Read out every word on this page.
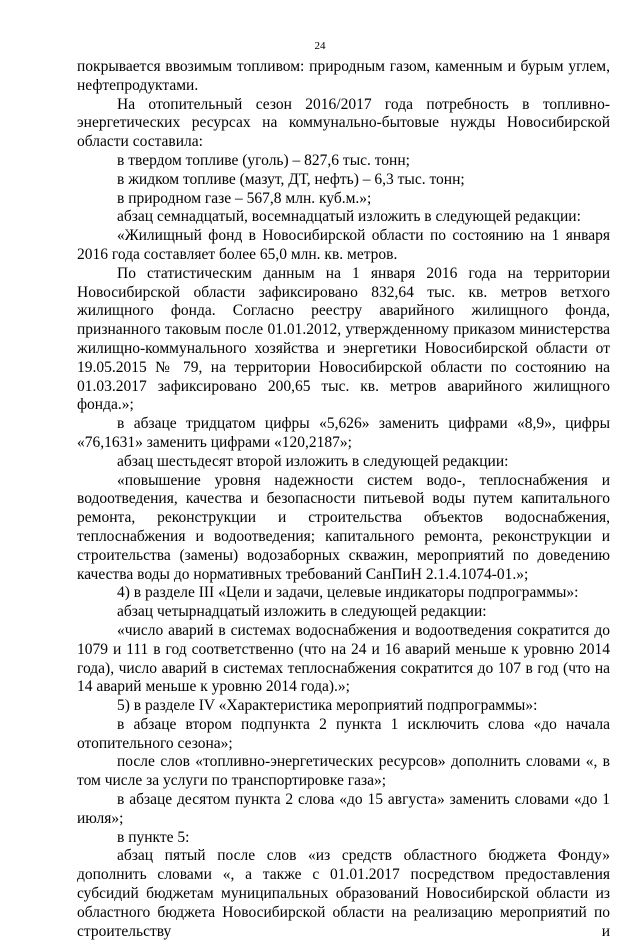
24

покрывается ввозимым топливом: природным газом, каменным и бурым углем, нефтепродуктами.

На отопительный сезон 2016/2017 года потребность в топливно-энергетических ресурсах на коммунально-бытовые нужды Новосибирской области составила:

в твердом топливе (уголь) – 827,6 тыс. тонн;

в жидком топливе (мазут, ДТ, нефть) – 6,3 тыс. тонн;

в природном газе – 567,8 млн. куб.м.»;

абзац семнадцатый, восемнадцатый изложить в следующей редакции:

«Жилищный фонд в Новосибирской области по состоянию на 1 января 2016 года составляет более 65,0 млн. кв. метров.

По статистическим данным на 1 января 2016 года на территории Новосибирской области зафиксировано 832,64 тыс. кв. метров ветхого жилищного фонда. Согласно реестру аварийного жилищного фонда, признанного таковым после 01.01.2012, утвержденному приказом министерства жилищно-коммунального хозяйства и энергетики Новосибирской области от 19.05.2015 № 79, на территории Новосибирской области по состоянию на 01.03.2017 зафиксировано 200,65 тыс. кв. метров аварийного жилищного фонда.»;

в абзаце тридцатом цифры «5,626» заменить цифрами «8,9», цифры «76,1631» заменить цифрами «120,2187»;

абзац шестьдесят второй изложить в следующей редакции:

«повышение уровня надежности систем водо-, теплоснабжения и водоотведения, качества и безопасности питьевой воды путем капитального ремонта, реконструкции и строительства объектов водоснабжения, теплоснабжения и водоотведения; капитального ремонта, реконструкции и строительства (замены) водозаборных скважин, мероприятий по доведению качества воды до нормативных требований СанПиН 2.1.4.1074-01.»;

4) в разделе III «Цели и задачи, целевые индикаторы подпрограммы»:

абзац четырнадцатый изложить в следующей редакции:

«число аварий в системах водоснабжения и водоотведения сократится до 1079 и 111 в год соответственно (что на 24 и 16 аварий меньше к уровню 2014 года), число аварий в системах теплоснабжения сократится до 107 в год (что на 14 аварий меньше к уровню 2014 года).»;

5) в разделе IV «Характеристика мероприятий подпрограммы»:

в абзаце втором подпункта 2 пункта 1 исключить слова «до начала отопительного сезона»;

после слов «топливно-энергетических ресурсов» дополнить словами «, в том числе за услуги по транспортировке газа»;

в абзаце десятом пункта 2 слова «до 15 августа» заменить словами «до 1 июля»;

в пункте 5:

абзац пятый после слов «из средств областного бюджета Фонду» дополнить словами «, а также с 01.01.2017 посредством предоставления субсидий бюджетам муниципальных образований Новосибирской области из областного бюджета Новосибирской области на реализацию мероприятий по строительству и
